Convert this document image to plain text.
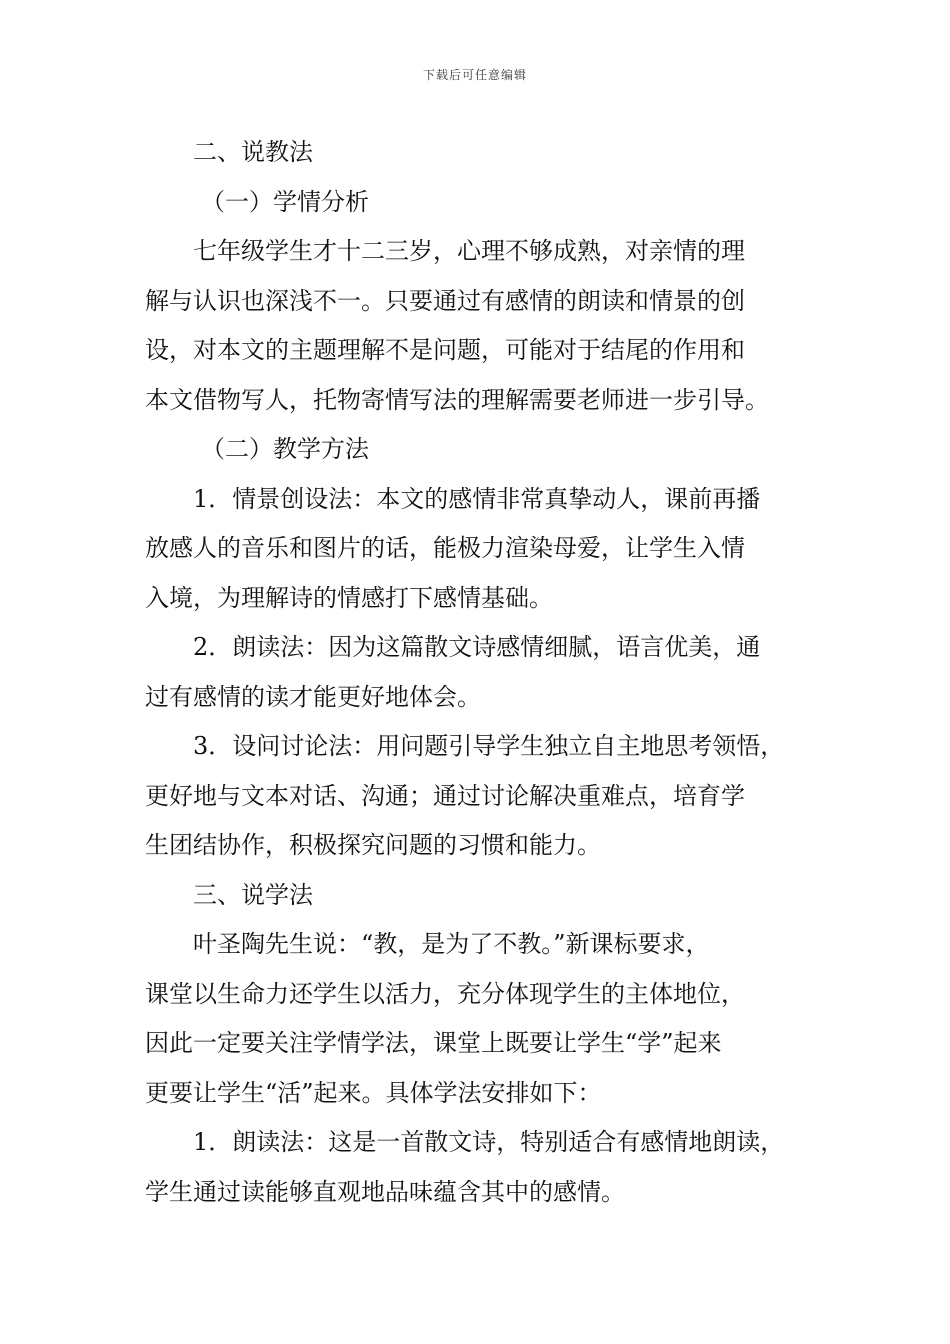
下载后可任意编辑
二、说教法
（一）学情分析
七年级学生才十二三岁，心理不够成熟，对亲情的理
解与认识也深浅不一。只要通过有感情的朗读和情景的创
设，对本文的主题理解不是问题，可能对于结尾的作用和
本文借物写人，托物寄情写法的理解需要老师进一步引导。
（二）教学方法
1．情景创设法：本文的感情非常真挚动人，课前再播
放感人的音乐和图片的话，能极力渲染母爱，让学生入情
入境，为理解诗的情感打下感情基础。
2．朗读法：因为这篇散文诗感情细腻，语言优美，通
过有感情的读才能更好地体会。
3．设问讨论法：用问题引导学生独立自主地思考领悟，
更好地与文本对话、沟通；通过讨论解决重难点，培育学
生团结协作，积极探究问题的习惯和能力。
三、说学法
叶圣陶先生说：“教，是为了不教。”新课标要求，
课堂以生命力还学生以活力，充分体现学生的主体地位，
因此一定要关注学情学法，课堂上既要让学生“学”起来
更要让学生“活”起来。具体学法安排如下：
1．朗读法：这是一首散文诗，特别适合有感情地朗读，
学生通过读能够直观地品味蕴含其中的感情。
